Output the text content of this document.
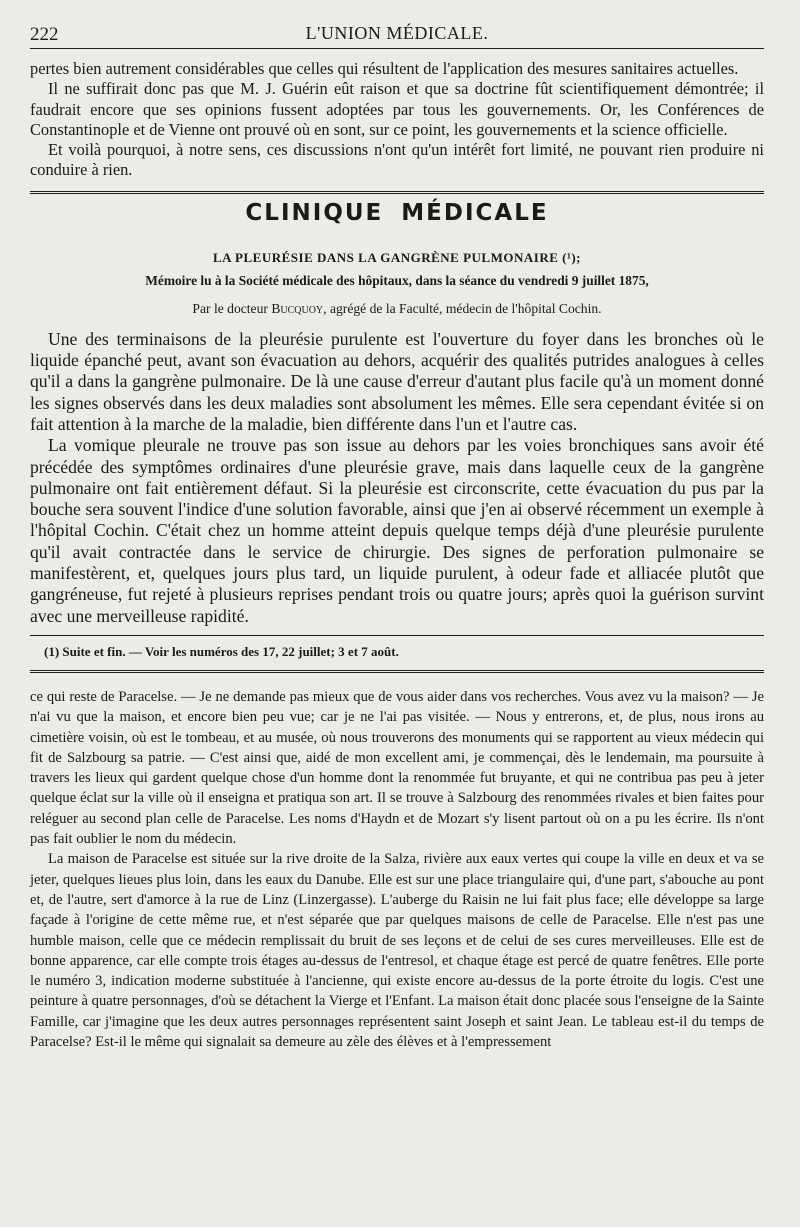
222	L'UNION MÉDICALE.

pertes bien autrement considérables que celles qui résultent de l'application des mesures sanitaires actuelles.

Il ne suffirait donc pas que M. J. Guérin eût raison et que sa doctrine fût scientifiquement démontrée; il faudrait encore que ses opinions fussent adoptées par tous les gouvernements. Or, les Conférences de Constantinople et de Vienne ont prouvé où en sont, sur ce point, les gouvernements et la science officielle.

Et voilà pourquoi, à notre sens, ces discussions n'ont qu'un intérêt fort limité, ne pouvant rien produire ni conduire à rien.

CLINIQUE MÉDICALE
LA PLEURÉSIE DANS LA GANGRÈNE PULMONAIRE (¹);
Mémoire lu à la Société médicale des hôpitaux, dans la séance du vendredi 9 juillet 1875,
Par le docteur Bucquoy, agrégé de la Faculté, médecin de l'hôpital Cochin.

Une des terminaisons de la pleurésie purulente est l'ouverture du foyer dans les bronches où le liquide épanché peut, avant son évacuation au dehors, acquérir des qualités putrides analogues à celles qu'il a dans la gangrène pulmonaire. De là une cause d'erreur d'autant plus facile qu'à un moment donné les signes observés dans les deux maladies sont absolument les mêmes. Elle sera cependant évitée si on fait attention à la marche de la maladie, bien différente dans l'un et l'autre cas.

La vomique pleurale ne trouve pas son issue au dehors par les voies bronchiques sans avoir été précédée des symptômes ordinaires d'une pleurésie grave, mais dans laquelle ceux de la gangrène pulmonaire ont fait entièrement défaut. Si la pleurésie est circonscrite, cette évacuation du pus par la bouche sera souvent l'indice d'une solution favorable, ainsi que j'en ai observé récemment un exemple à l'hôpital Cochin. C'était chez un homme atteint depuis quelque temps déjà d'une pleurésie purulente qu'il avait contractée dans le service de chirurgie. Des signes de perforation pulmonaire se manifestèrent, et, quelques jours plus tard, un liquide purulent, à odeur fade et alliacée plutôt que gangréneuse, fut rejeté à plusieurs reprises pendant trois ou quatre jours; après quoi la guérison survint avec une merveilleuse rapidité.

(1) Suite et fin. — Voir les numéros des 17, 22 juillet; 3 et 7 août.

ce qui reste de Paracelse. — Je ne demande pas mieux que de vous aider dans vos recherches. Vous avez vu la maison? — Je n'ai vu que la maison, et encore bien peu vue; car je ne l'ai pas visitée. — Nous y entrerons, et, de plus, nous irons au cimetière voisin, où est le tombeau, et au musée, où nous trouverons des monuments qui se rapportent au vieux médecin qui fit de Salzbourg sa patrie. — C'est ainsi que, aidé de mon excellent ami, je commençai, dès le lendemain, ma poursuite à travers les lieux qui gardent quelque chose d'un homme dont la renommée fut bruyante, et qui ne contribua pas peu à jeter quelque éclat sur la ville où il enseigna et pratiqua son art. Il se trouve à Salzbourg des renommées rivales et bien faites pour reléguer au second plan celle de Paracelse. Les noms d'Haydn et de Mozart s'y lisent partout où on a pu les écrire. Ils n'ont pas fait oublier le nom du médecin.

La maison de Paracelse est située sur la rive droite de la Salza, rivière aux eaux vertes qui coupe la ville en deux et va se jeter, quelques lieues plus loin, dans les eaux du Danube. Elle est sur une place triangulaire qui, d'une part, s'abouche au pont et, de l'autre, sert d'amorce à la rue de Linz (Linzergasse). L'auberge du Raisin ne lui fait plus face; elle développe sa large façade à l'origine de cette même rue, et n'est séparée que par quelques maisons de celle de Paracelse. Elle n'est pas une humble maison, celle que ce médecin remplissait du bruit de ses leçons et de celui de ses cures merveilleuses. Elle est de bonne apparence, car elle compte trois étages au-dessus de l'entresol, et chaque étage est percé de quatre fenêtres. Elle porte le numéro 3, indication moderne substituée à l'ancienne, qui existe encore au-dessus de la porte étroite du logis. C'est une peinture à quatre personnages, d'où se détachent la Vierge et l'Enfant. La maison était donc placée sous l'enseigne de la Sainte Famille, car j'imagine que les deux autres personnages représentent saint Joseph et saint Jean. Le tableau est-il du temps de Paracelse? Est-il le même qui signalait sa demeure au zèle des élèves et à l'empressement
